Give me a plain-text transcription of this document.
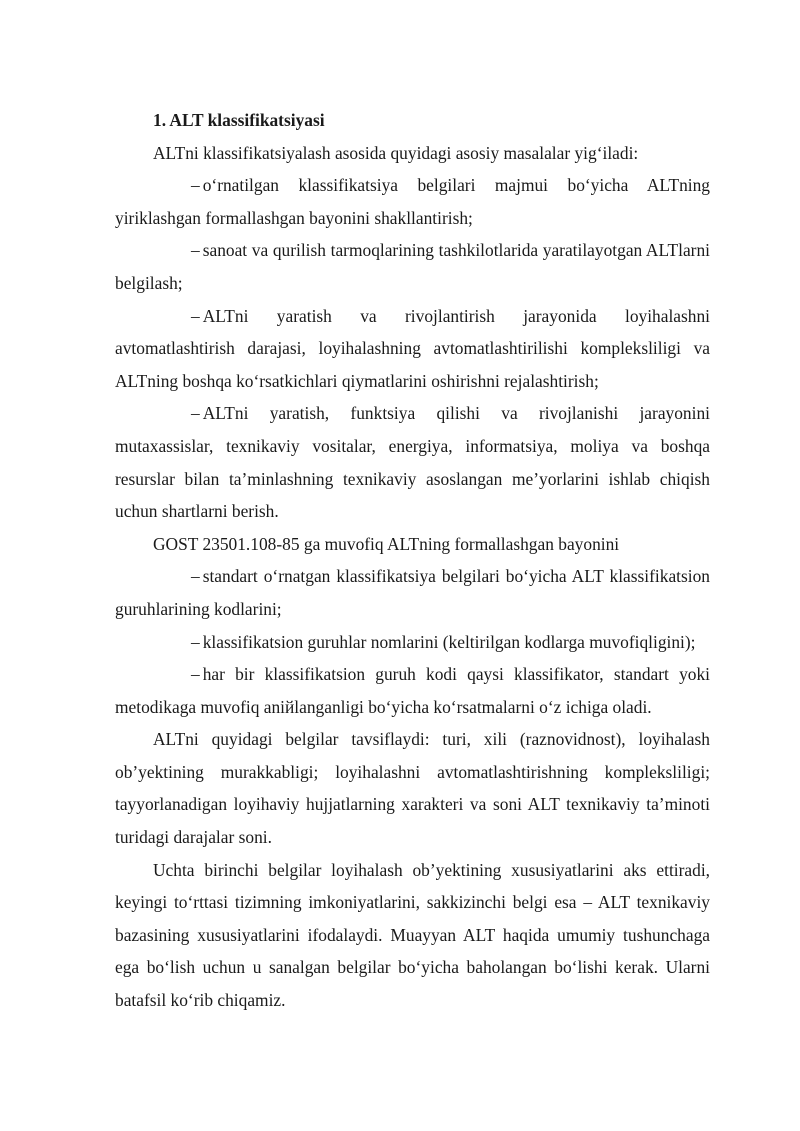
1. ALT klassifikatsiyasi

ALTni klassifikatsiyalash asosida quyidagi asosiy masalalar yig‘iladi:

– o‘rnatilgan klassifikatsiya belgilari majmui bo‘yicha ALTning yiriklashgan formallashgan bayonini shakllantirish;

– sanoat va qurilish tarmoqlarining tashkilotlarida yaratilayotgan ALTlarni belgilash;

– ALTni yaratish va rivojlantirish jarayonida loyihalashni avtomatlashtirish darajasi, loyihalashning avtomatlashtirilishi kompleksliligi va ALTning boshqa ko‘rsatkichlari qiymatlarini oshirishni rejalashtirish;

– ALTni yaratish, funktsiya qilishi va rivojlanishi jarayonini mutaxassislar, texnikaviy vositalar, energiya, informatsiya, moliya va boshqa resurslar bilan ta’minlashning texnikaviy asoslangan me’yorlarini ishlab chiqish uchun shartlarni berish.

GOST 23501.108-85 ga muvofiq ALTning formallashgan bayonini

– standart o‘rnatgan klassifikatsiya belgilari bo‘yicha ALT klassifikatsion guruhlarining kodlarini;

– klassifikatsion guruhlar nomlarini (keltirilgan kodlarga muvofiqligini);

– har bir klassifikatsion guruh kodi qaysi klassifikator, standart yoki metodikaga muvofiq aniйlanganligi bo‘yicha ko‘rsatmalarni o‘z ichiga oladi.

ALTni quyidagi belgilar tavsiflaydi: turi, xili (raznovidnost), loyihalash ob’yektining murakkabligi; loyihalashni avtomatlashtirishning kompleksliligi; tayyorlanadigan loyihaviy hujjatlarning xarakteri va soni ALT texnikaviy ta’minoti turidagi darajalar soni.

Uchta birinchi belgilar loyihalash ob’yektining xususiyatlarini aks ettiradi, keyingi to‘rttasi tizimning imkoniyatlarini, sakkizinchi belgi esa – ALT texnikaviy bazasining xususiyatlarini ifodalaydi. Muayyan ALT haqida umumiy tushunchaga ega bo‘lish uchun u sanalgan belgilar bo‘yicha baholangan bo‘lishi kerak. Ularni batafsil ko‘rib chiqamiz.
